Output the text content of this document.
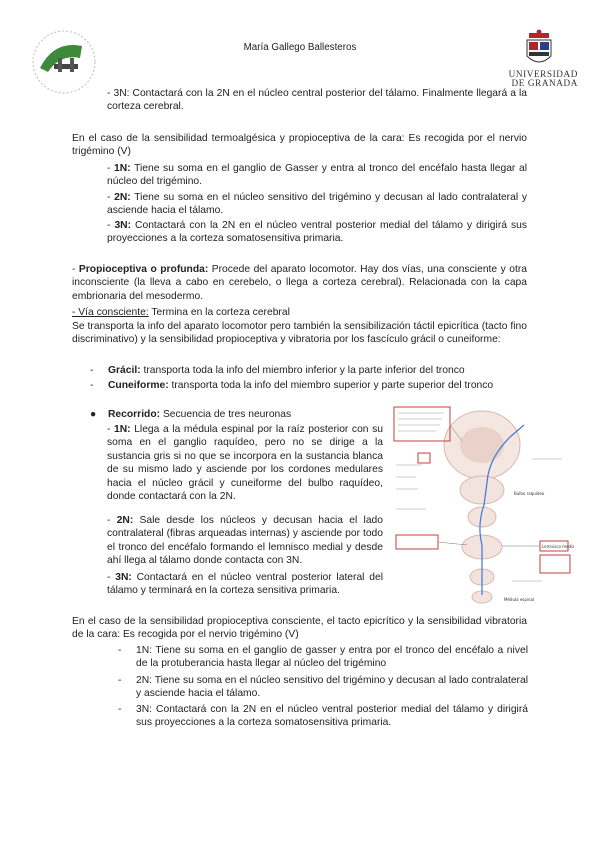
María Gallego Ballesteros
UNIVERSIDAD
DE GRANADA

- 3N: Contactará con la 2N en el núcleo central posterior del tálamo. Finalmente llegará a la corteza cerebral.

En el caso de la sensibilidad termoalgésica y propioceptiva de la cara: Es recogida por el nervio trigémino (V)

- 1N: Tiene su soma en el ganglio de Gasser y entra al tronco del encéfalo hasta llegar al núcleo del trigémino.

- 2N: Tiene su soma en el núcleo sensitivo del trigémino y decusan al lado contralateral y asciende hacia el tálamo.

- 3N: Contactará con la 2N en el núcleo ventral posterior medial del tálamo y dirigirá sus proyecciones a la corteza somatosensitiva primaria.

- Propioceptiva o profunda: Procede del aparato locomotor. Hay dos vías, una consciente y otra inconsciente (la lleva a cabo en cerebelo, o llega a corteza cerebral). Relacionada con la capa embrionaria del mesodermo.

- Vía consciente: Termina en la corteza cerebral

Se transporta la info del aparato locomotor pero también la sensibilización táctil epicrítica (tacto fino discriminativo) y la sensibilidad propioceptiva y vibratoria por los fascículo grácil o cuneiforme:

- Grácil: transporta toda la info del miembro inferior y la parte inferior del tronco

- Cuneiforme: transporta toda la info del miembro superior y parte superior del tronco

● Recorrido: Secuencia de tres neuronas

- 1N: Llega a la médula espinal por la raíz posterior con su soma en el ganglio raquídeo, pero no se dirige a la sustancia gris si no que se incorpora en la sustancia blanca de su mismo lado y asciende por los cordones medulares hacia el núcleo grácil y cuneiforme del bulbo raquídeo, donde contactará con la 2N.

- 2N: Sale desde los núcleos y decusan hacia el lado contralateral (fibras arqueadas internas) y asciende por todo el tronco del encéfalo formando el lemnisco medial y desde ahí llega al tálamo donde contacta con 3N.

- 3N: Contactará en el núcleo ventral posterior lateral del tálamo y terminará en la corteza sensitiva primaria.

Lemnisco medial
Bulbo raquídeo
Médula espinal

En el caso de la sensibilidad propioceptiva consciente, el tacto epicrítico y la sensibilidad vibratoria de la cara: Es recogida por el nervio trigémino (V)

- 1N: Tiene su soma en el ganglio de gasser y entra por el tronco del encéfalo a nivel de la protuberancia hasta llegar al núcleo del trigémino

- 2N: Tiene su soma en el núcleo sensitivo del trigémino y decusan al lado contralateral y asciende hacia el tálamo.

- 3N: Contactará con la 2N en el núcleo ventral posterior medial del tálamo y dirigirá sus proyecciones a la corteza somatosensitiva primaria.
